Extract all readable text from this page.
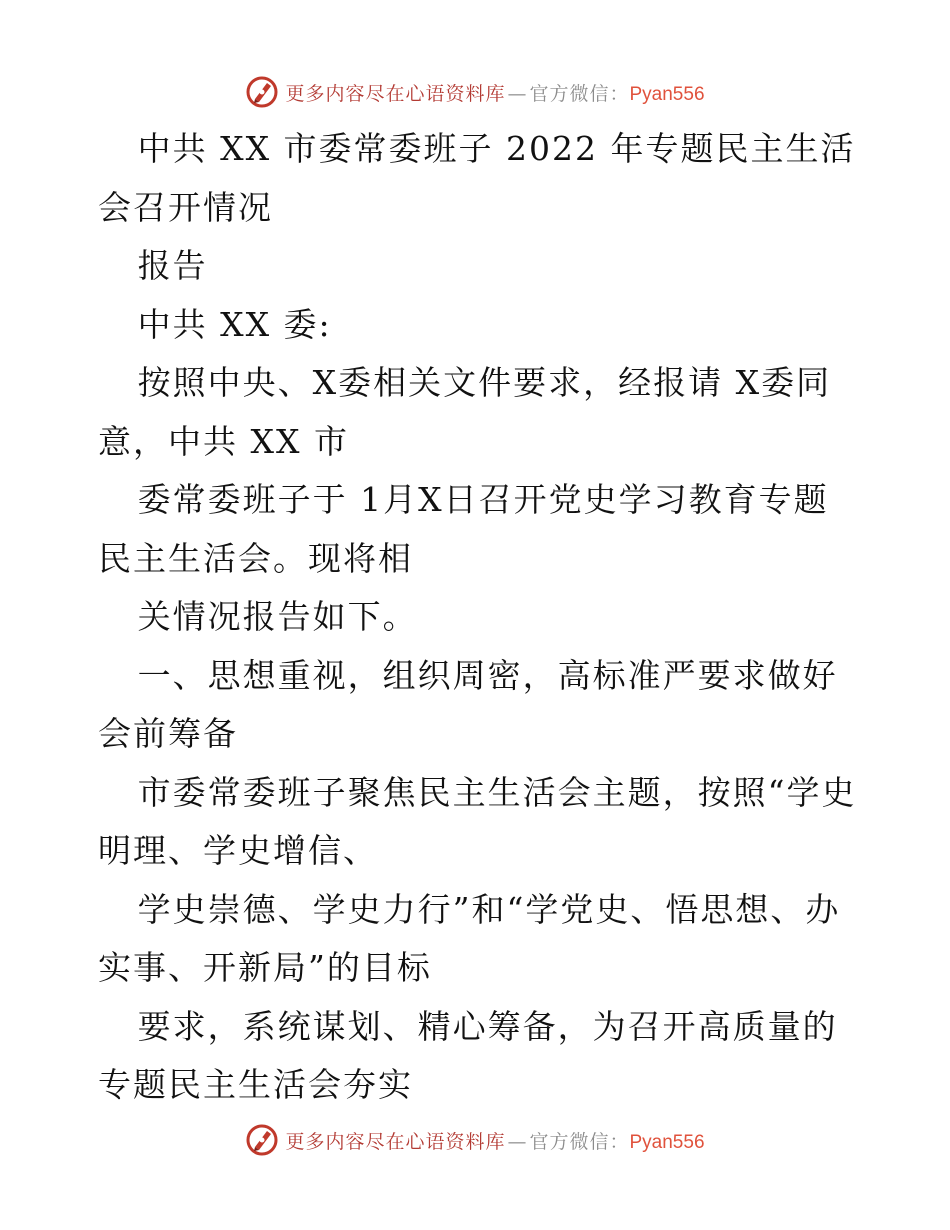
更多内容尽在心语资料库 — 官方微信：Pyan556

中共 XX 市委常委班子 2022 年专题民主生活会召开情况

报告

中共 XX 委:

按照中央、X委相关文件要求，经报请 X委同意，中共 XX 市

委常委班子于 1月X日召开党史学习教育专题民主生活会。现将相

关情况报告如下。

一、思想重视，组织周密，高标准严要求做好会前筹备

市委常委班子聚焦民主生活会主题，按照“学史明理、学史增信、

学史崇德、学史力行”和“学党史、悟思想、办实事、开新局”的目标

要求，系统谋划、精心筹备，为召开高质量的专题民主生活会夯实

更多内容尽在心语资料库 — 官方微信：Pyan556
